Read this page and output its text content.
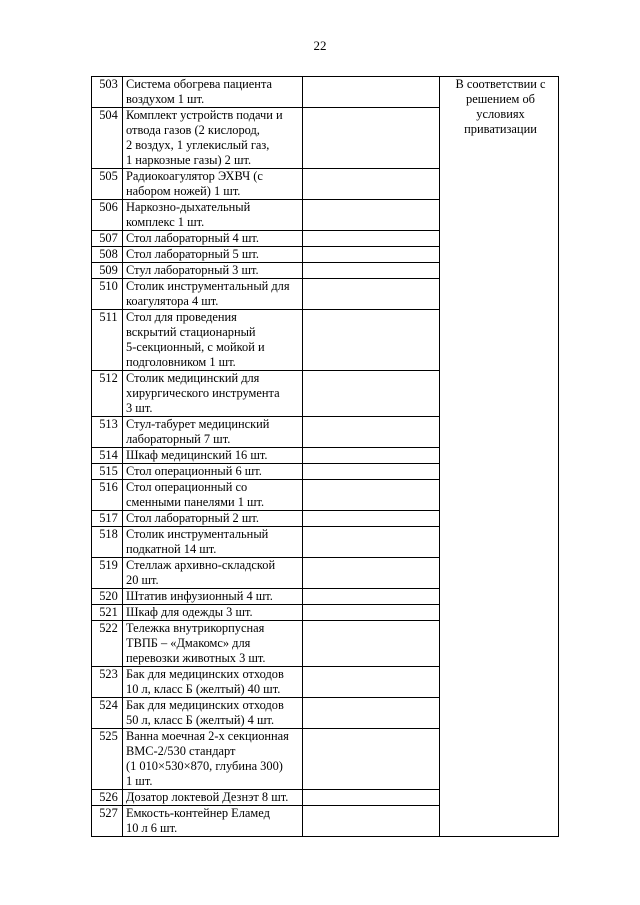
22
503	Система обогрева пациента
воздухом 1 шт.		В соответствии с
решением об
условиях
приватизации
504	Комплект устройств подачи и
отвода газов (2 кислород,
2 воздух, 1 углекислый газ,
1 наркозные газы) 2 шт.		
505	Радиокоагулятор ЭХВЧ (с
набором ножей) 1 шт.		
506	Наркозно-дыхательный
комплекс 1 шт.		
507	Стол лабораторный 4 шт.		
508	Стол лабораторный 5 шт.		
509	Стул лабораторный 3 шт.		
510	Столик инструментальный для
коагулятора 4 шт.		
511	Стол для проведения
вскрытий стационарный
5-секционный, с мойкой и
подголовником 1 шт.		
512	Столик медицинский для
хирургического инструмента
3 шт.		
513	Стул-табурет медицинский
лабораторный 7 шт.		
514	Шкаф медицинский 16 шт.		
515	Стол операционный 6 шт.		
516	Стол операционный со
сменными панелями 1 шт.		
517	Стол лабораторный 2 шт.		
518	Столик инструментальный
подкатной 14 шт.		
519	Стеллаж архивно-складской
20 шт.		
520	Штатив инфузионный 4 шт.		
521	Шкаф для одежды 3 шт.		
522	Тележка внутрикорпусная
ТВПБ – «Дмакомс» для
перевозки животных 3 шт.		
523	Бак для медицинских отходов
10 л, класс Б (желтый) 40 шт.		
524	Бак для медицинских отходов
50 л, класс Б (желтый) 4 шт.		
525	Ванна моечная 2-х секционная
ВМС-2/530 стандарт
(1 010×530×870, глубина 300)
1 шт.		
526	Дозатор локтевой Дезнэт 8 шт.		
527	Емкость-контейнер Еламед
10 л 6 шт.		
